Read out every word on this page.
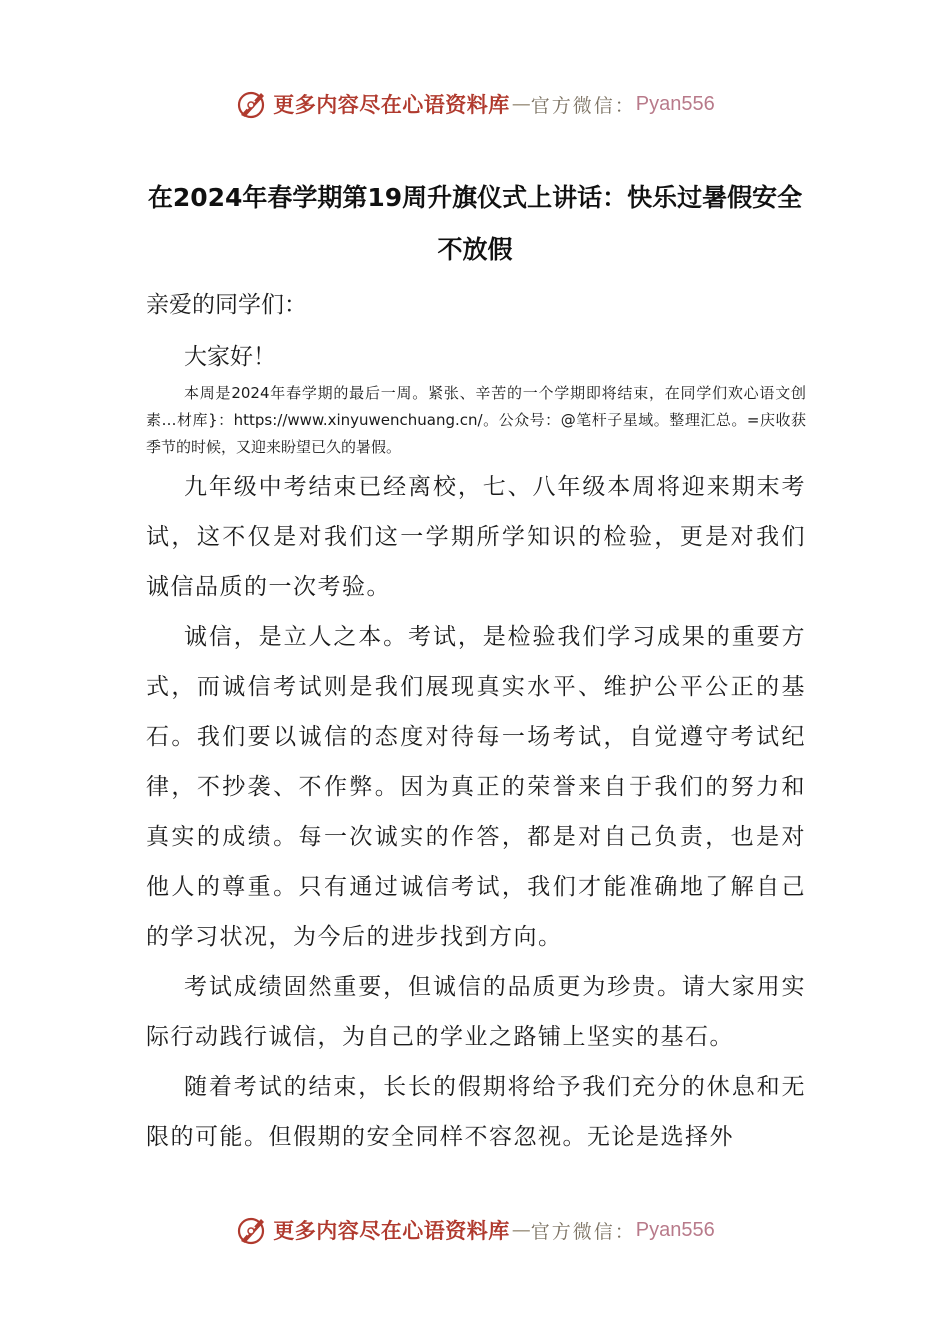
更多内容尽在心语资料库 — 官方微信： Pyan556
在2024年春学期第19周升旗仪式上讲话：快乐过暑假安全不放假
亲爱的同学们：
大家好！
本周是2024年春学期的最后一周。紧张、辛苦的一个学期即将结束，在同学们欢心语文创素…材库}：https://www.xinyuwenchuang.cn/。公众号：@笔杆子星域。整理汇总。=庆收获季节的时候，又迎来盼望已久的暑假。

九年级中考结束已经离校，七、八年级本周将迎来期末考试，这不仅是对我们这一学期所学知识的检验，更是对我们诚信品质的一次考验。

诚信，是立人之本。考试，是检验我们学习成果的重要方式，而诚信考试则是我们展现真实水平、维护公平公正的基石。我们要以诚信的态度对待每一场考试，自觉遵守考试纪律，不抄袭、不作弊。因为真正的荣誉来自于我们的努力和真实的成绩。每一次诚实的作答，都是对自己负责，也是对他人的尊重。只有通过诚信考试，我们才能准确地了解自己的学习状况，为今后的进步找到方向。

考试成绩固然重要，但诚信的品质更为珍贵。请大家用实际行动践行诚信，为自己的学业之路铺上坚实的基石。

随着考试的结束，长长的假期将给予我们充分的休息和无限的可能。但假期的安全同样不容忽视。无论是选择外

更多内容尽在心语资料库 — 官方微信： Pyan556
